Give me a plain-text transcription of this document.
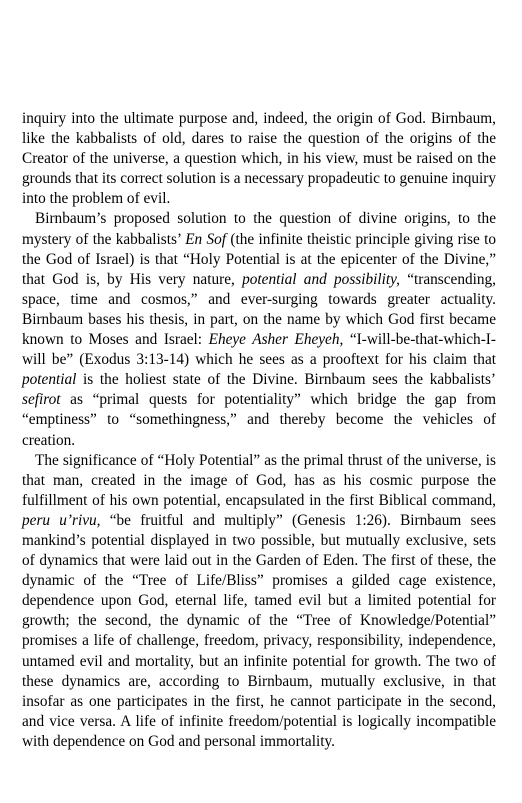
inquiry into the ultimate purpose and, indeed, the origin of God. Birnbaum, like the kabbalists of old, dares to raise the question of the origins of the Creator of the universe, a question which, in his view, must be raised on the grounds that its correct solution is a necessary propadeutic to genuine inquiry into the problem of evil.

Birnbaum’s proposed solution to the question of divine origins, to the mystery of the kabbalists’ En Sof (the infinite theistic principle giving rise to the God of Israel) is that “Holy Potential is at the epicenter of the Divine,” that God is, by His very nature, potential and possibility, “transcending, space, time and cosmos,” and ever-surging towards greater actuality. Birnbaum bases his thesis, in part, on the name by which God first became known to Moses and Israel: Eheye Asher Eheyeh, “I-will-be-that-which-I-will be” (Exodus 3:13-14) which he sees as a prooftext for his claim that potential is the holiest state of the Divine. Birnbaum sees the kabbalists’ sefirot as “primal quests for potentiality” which bridge the gap from “emptiness” to “somethingness,” and thereby become the vehicles of creation.

The significance of “Holy Potential” as the primal thrust of the universe, is that man, created in the image of God, has as his cosmic purpose the fulfillment of his own potential, encapsulated in the first Biblical command, peru u’rivu, “be fruitful and multiply” (Genesis 1:26). Birnbaum sees mankind’s potential displayed in two possible, but mutually exclusive, sets of dynamics that were laid out in the Garden of Eden. The first of these, the dynamic of the “Tree of Life/Bliss” promises a gilded cage existence, dependence upon God, eternal life, tamed evil but a limited potential for growth; the second, the dynamic of the “Tree of Knowledge/Potential” promises a life of challenge, freedom, privacy, responsibility, independence, untamed evil and mortality, but an infinite potential for growth. The two of these dynamics are, according to Birnbaum, mutually exclusive, in that insofar as one participates in the first, he cannot participate in the second, and vice versa. A life of infinite freedom/potential is logically incompatible with dependence on God and personal immortality.
